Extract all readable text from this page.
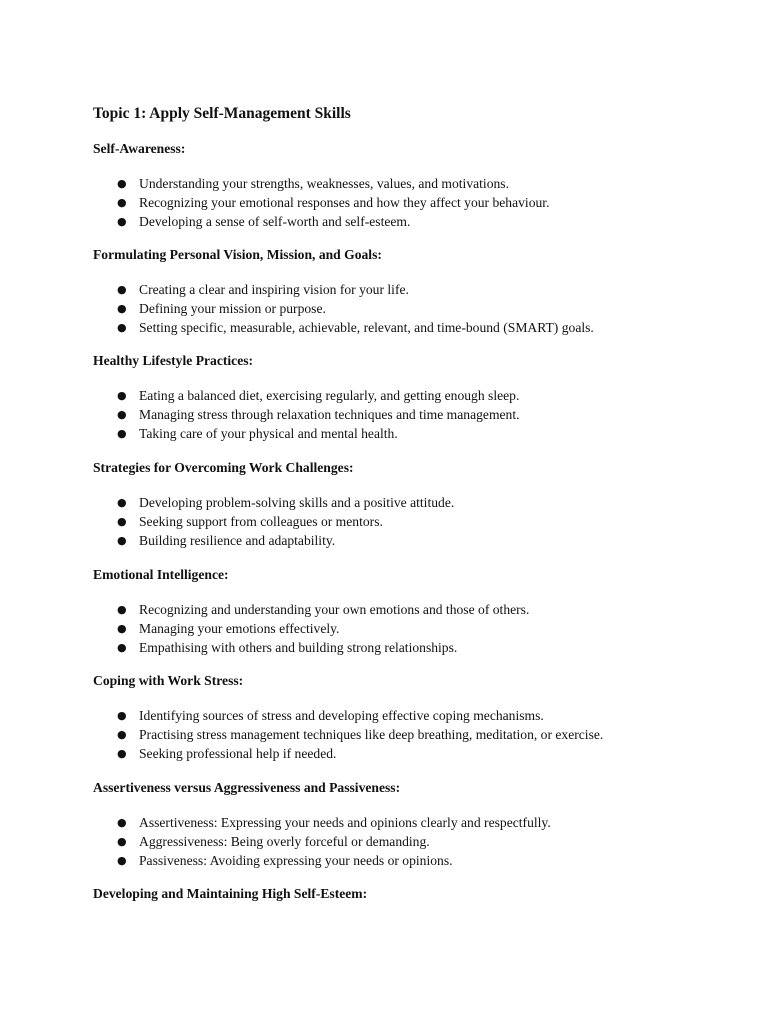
Topic 1: Apply Self-Management Skills
Self-Awareness:
● Understanding your strengths, weaknesses, values, and motivations.
● Recognizing your emotional responses and how they affect your behaviour.
● Developing a sense of self-worth and self-esteem.
Formulating Personal Vision, Mission, and Goals:
● Creating a clear and inspiring vision for your life.
● Defining your mission or purpose.
● Setting specific, measurable, achievable, relevant, and time-bound (SMART) goals.
Healthy Lifestyle Practices:
● Eating a balanced diet, exercising regularly, and getting enough sleep.
● Managing stress through relaxation techniques and time management.
● Taking care of your physical and mental health.
Strategies for Overcoming Work Challenges:
● Developing problem-solving skills and a positive attitude.
● Seeking support from colleagues or mentors.
● Building resilience and adaptability.
Emotional Intelligence:
● Recognizing and understanding your own emotions and those of others.
● Managing your emotions effectively.
● Empathising with others and building strong relationships.
Coping with Work Stress:
● Identifying sources of stress and developing effective coping mechanisms.
● Practising stress management techniques like deep breathing, meditation, or exercise.
● Seeking professional help if needed.
Assertiveness versus Aggressiveness and Passiveness:
● Assertiveness: Expressing your needs and opinions clearly and respectfully.
● Aggressiveness: Being overly forceful or demanding.
● Passiveness: Avoiding expressing your needs or opinions.
Developing and Maintaining High Self-Esteem:
